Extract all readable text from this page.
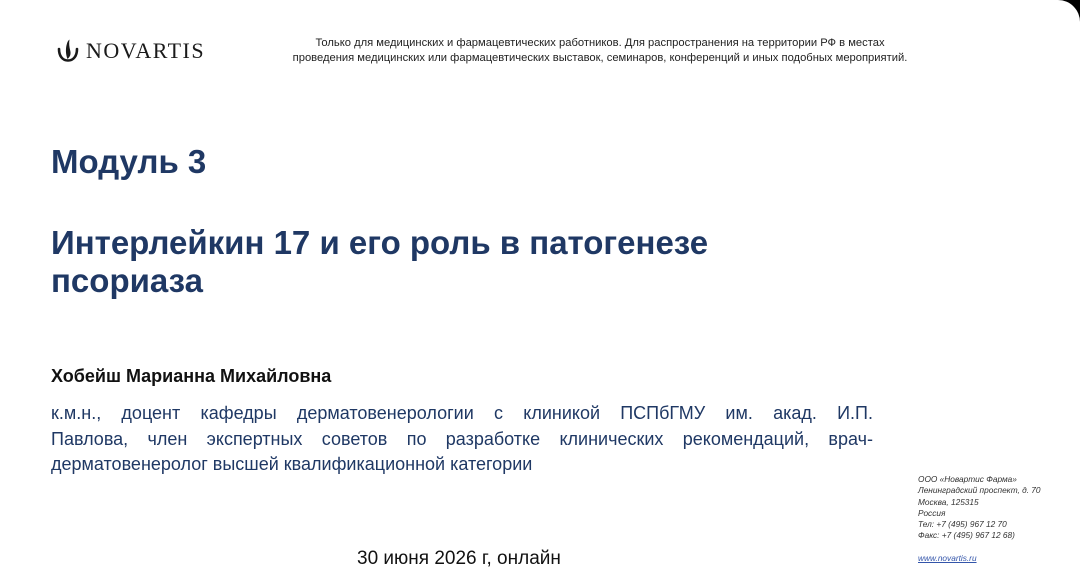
NOVARTIS	Только для медицинских и фармацевтических работников. Для распространения на территории РФ в местах
проведения медицинских или фармацевтических выставок, семинаров, конференций и иных подобных мероприятий.
Модуль 3
Интерлейкин 17 и его роль в патогенезе
псориаза
Хобейш Марианна Михайловна
к.м.н., доцент кафедры дерматовенерологии с клиникой ПСПбГМУ им. акад. И.П.
Павлова, член экспертных советов по разработке клинических рекомендаций, врач-
дерматовенеролог высшей квалификационной категории
30 июня 2026 г, онлайн
ООО «Новартис Фарма»
Ленинградский проспект, д. 70
Москва, 125315
Россия
Тел: +7 (495) 967 12 70
Факс: +7 (495) 967 12 68)
www.novartis.ru
